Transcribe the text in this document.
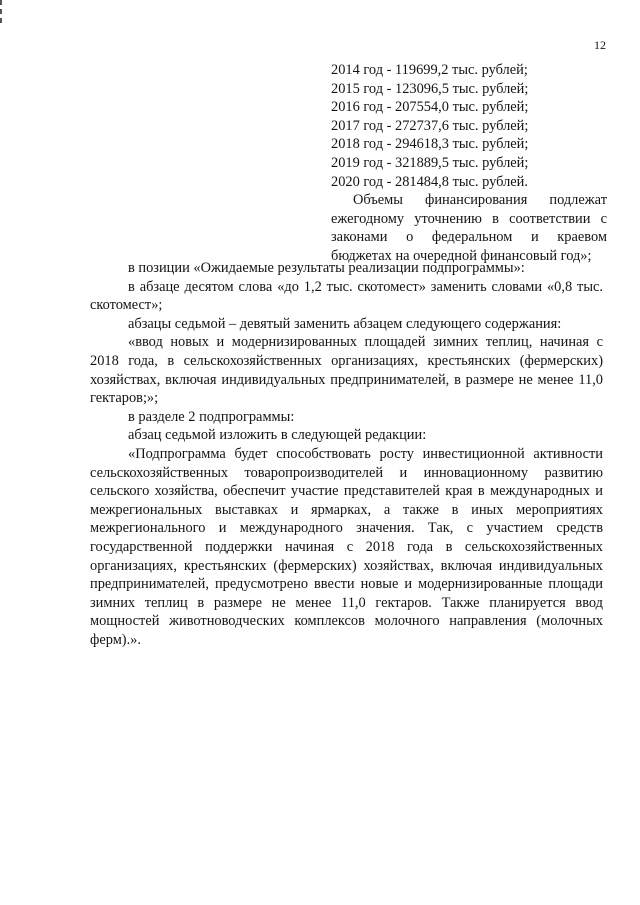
12
2014 год - 119699,2 тыс. рублей;
2015 год - 123096,5 тыс. рублей;
2016 год - 207554,0 тыс. рублей;
2017 год - 272737,6 тыс. рублей;
2018 год - 294618,3 тыс. рублей;
2019 год - 321889,5 тыс. рублей;
2020 год - 281484,8 тыс. рублей.

Объемы финансирования подлежат ежегодному уточнению в соответствии с законами о федеральном и краевом бюджетах на очередной финансовый год»;

в позиции «Ожидаемые результаты реализации подпрограммы»:

в абзаце десятом слова «до 1,2 тыс. скотомест» заменить словами «0,8 тыс. скотомест»;

абзацы седьмой – девятый заменить абзацем следующего содержания:

«ввод новых и модернизированных площадей зимних теплиц, начиная с 2018 года, в сельскохозяйственных организациях, крестьянских (фермерских) хозяйствах, включая индивидуальных предпринимателей, в размере не менее 11,0 гектаров;»;

в разделе 2 подпрограммы:

абзац седьмой изложить в следующей редакции:

«Подпрограмма будет способствовать росту инвестиционной активности сельскохозяйственных товаропроизводителей и инновационному развитию сельского хозяйства, обеспечит участие представителей края в международных и межрегиональных выставках и ярмарках, а также в иных мероприятиях межрегионального и международного значения. Так, с участием средств государственной поддержки начиная с 2018 года в сельскохозяйственных организациях, крестьянских (фермерских) хозяйствах, включая индивидуальных предпринимателей, предусмотрено ввести новые и модернизированные площади зимних теплиц в размере не менее 11,0 гектаров. Также планируется ввод мощностей животноводческих комплексов молочного направления (молочных ферм).».
